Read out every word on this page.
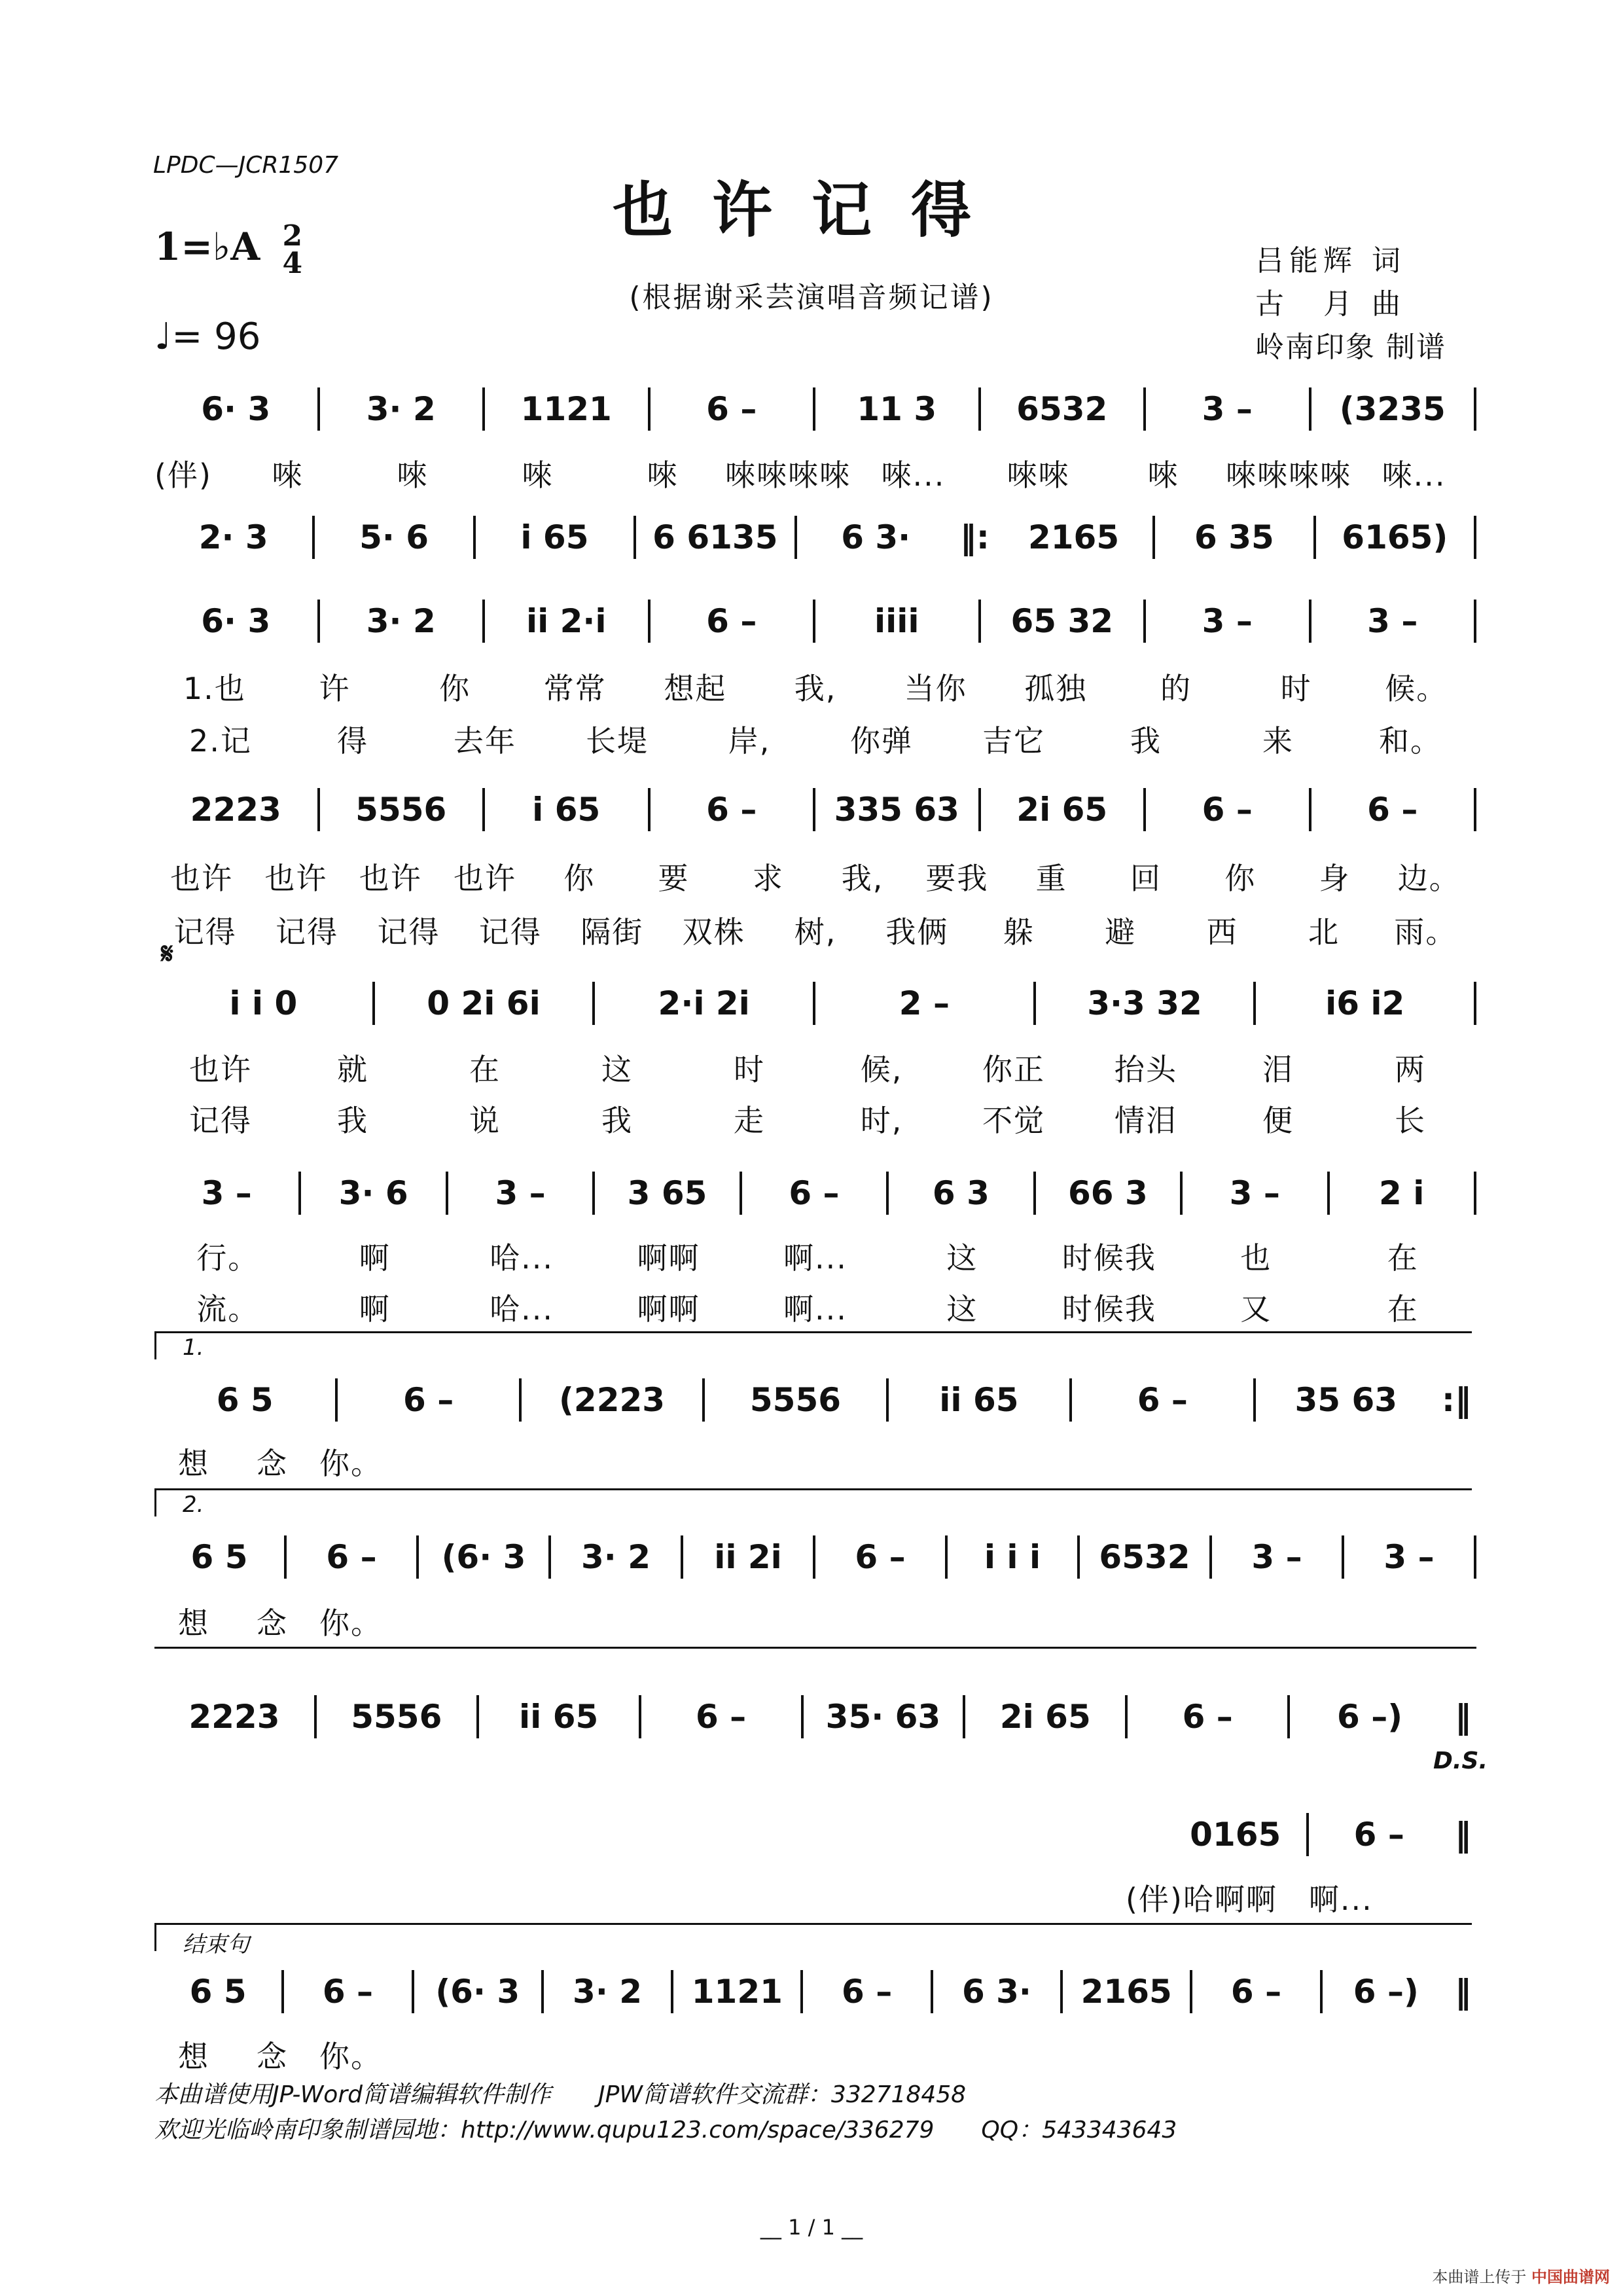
LPDC—JCR1507
也许记得
1=♭A 2
4
♩= 96
(根据谢采芸演唱音频记谱)
吕能辉 词
古　月 曲
岭南印象 制谱
6· 3	3· 2	1121	6 –	11 3	6532	3 –	(3235
(伴)	唻	唻	唻	唻	唻唻唻唻	唻...	唻唻	唻	唻唻唻唻	唻...
2· 3	5· 6	i 65	6 6135	6 3·	‖:	2165	6 35	6165)
6· 3	3· 2	ii 2·i	6 –	iiii	65 32	3 –	3 –
1.也	许	你	常常	想起	我,	当你	孤独	的	时	候。
2.记	得	去年	长堤	岸,	你弹	吉它	我	来	和。
2223	5556	i 65	6 –	335 63	2i 65	6 –	6 –
也许	也许	也许	也许	你	要	求	我,	要我	重	回	你	身	边。
记得	记得	记得	记得	隔街	双株	树,	我俩	躲	避	西	北	雨。
𝄋
i i 0	0 2i 6i	2·i 2i	2 –	3·3 32	i6 i2
也许	就	在	这	时	候,	你正	抬头	泪	两
记得	我	说	我	走	时,	不觉	情泪	便	长
3 –	3· 6	3 –	3 65	6 –	6 3	66 3	3 –	2 i
行。	啊	哈...	啊啊	啊...	这	时候我	也	在
流。	啊	哈...	啊啊	啊...	这	时候我	又	在
1.
6 5	6 –	(2223	5556	ii 65	6 –	35 63	:‖
想	念	你。
2.
6 5	6 –	(6· 3	3· 2	ii 2i	6 –	i i i	6532	3 –	3 –
想	念	你。
2223	5556	ii 65	6 –	35· 63	2i 65	6 –	6 –)	‖
D.S.
0165	6 –	‖
(伴)哈啊啊　啊...
结束句
6 5	6 –	(6· 3	3· 2	1121	6 –	6 3·	2165	6 –	6 –)	‖
想	念	你。
本曲谱使用JP-Word简谱编辑软件制作　　JPW简谱软件交流群：332718458
欢迎光临岭南印象制谱园地：http://www.qupu123.com/space/336279　　QQ：543343643
__ 1 / 1 __
本曲谱上传于 中国曲谱网
